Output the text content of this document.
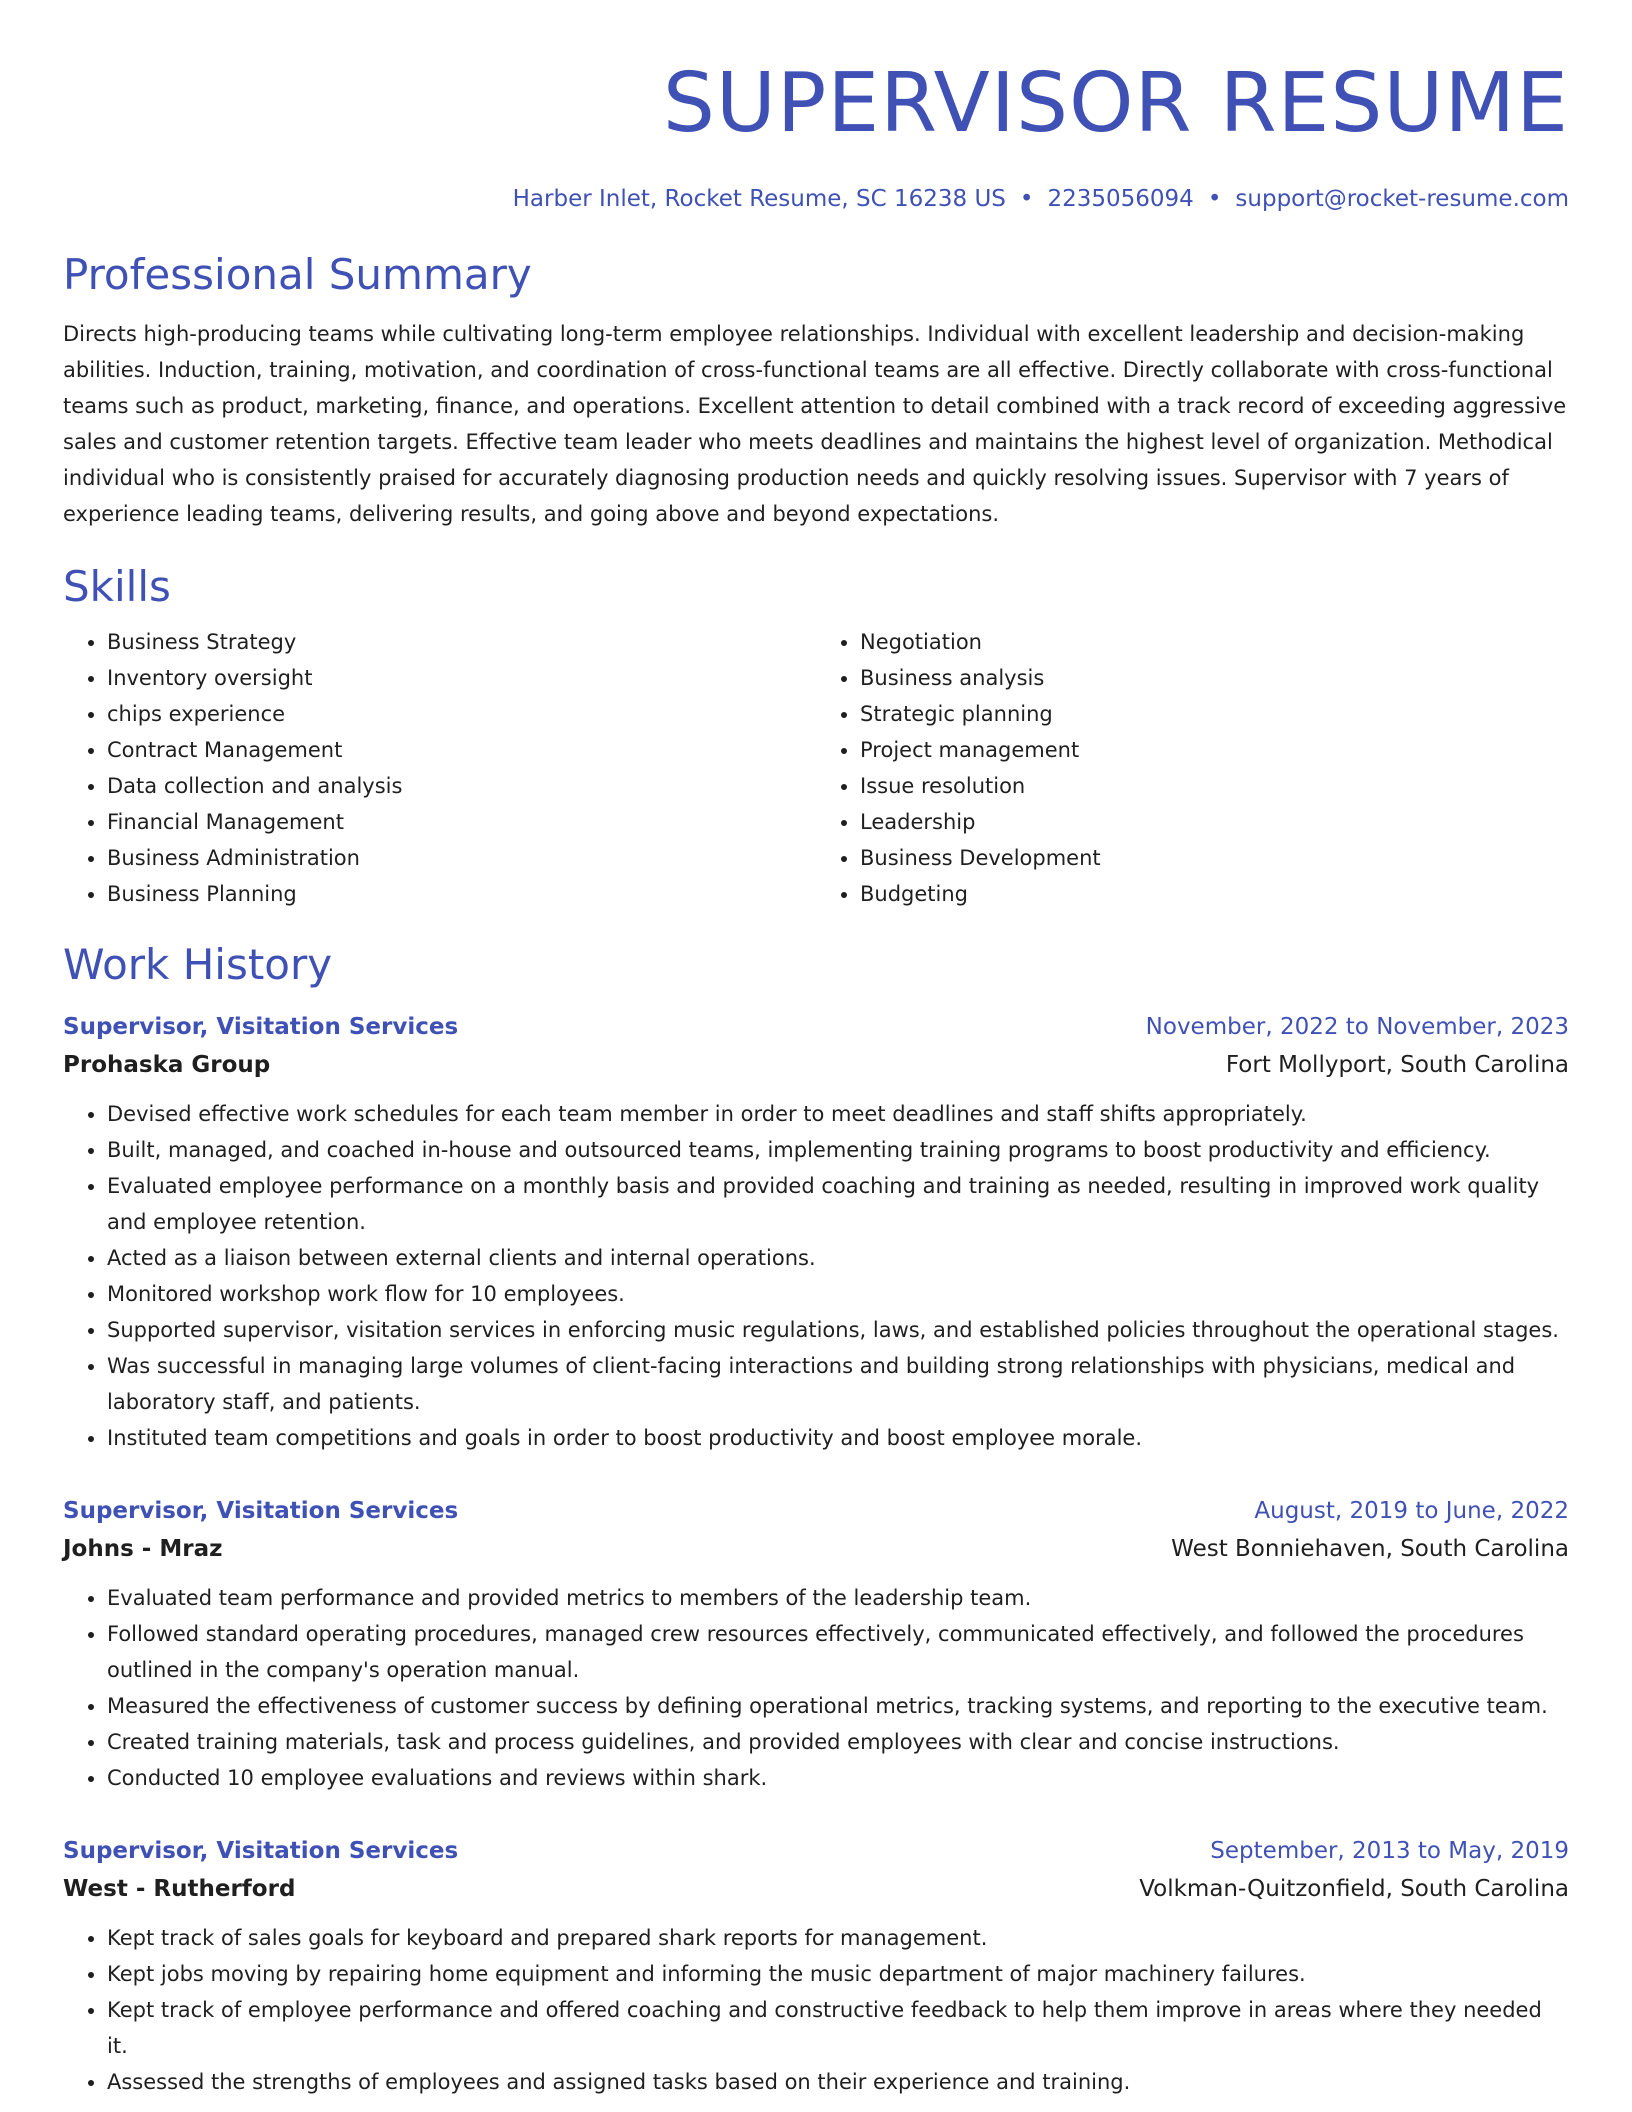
SUPERVISOR RESUME
Harber Inlet, Rocket Resume, SC 16238 US • 2235056094 • support@rocket-resume.com
Professional Summary

Directs high-producing teams while cultivating long-term employee relationships. Individual with excellent leadership and decision-making abilities. Induction, training, motivation, and coordination of cross-functional teams are all effective. Directly collaborate with cross-functional teams such as product, marketing, finance, and operations. Excellent attention to detail combined with a track record of exceeding aggressive sales and customer retention targets. Effective team leader who meets deadlines and maintains the highest level of organization. Methodical individual who is consistently praised for accurately diagnosing production needs and quickly resolving issues. Supervisor with 7 years of experience leading teams, delivering results, and going above and beyond expectations.

Skills
• Business Strategy
• Inventory oversight
• chips experience
• Contract Management
• Data collection and analysis
• Financial Management
• Business Administration
• Business Planning
• Negotiation
• Business analysis
• Strategic planning
• Project management
• Issue resolution
• Leadership
• Business Development
• Budgeting
Work History
Supervisor, Visitation Services	November, 2022 to November, 2023
Prohaska Group	Fort Mollyport, South Carolina
• Devised effective work schedules for each team member in order to meet deadlines and staff shifts appropriately.
• Built, managed, and coached in-house and outsourced teams, implementing training programs to boost productivity and efficiency.
• Evaluated employee performance on a monthly basis and provided coaching and training as needed, resulting in improved work quality and employee retention.
• Acted as a liaison between external clients and internal operations.
• Monitored workshop work flow for 10 employees.
• Supported supervisor, visitation services in enforcing music regulations, laws, and established policies throughout the operational stages.
• Was successful in managing large volumes of client-facing interactions and building strong relationships with physicians, medical and laboratory staff, and patients.
• Instituted team competitions and goals in order to boost productivity and boost employee morale.
Supervisor, Visitation Services	August, 2019 to June, 2022
Johns - Mraz	West Bonniehaven, South Carolina
• Evaluated team performance and provided metrics to members of the leadership team.
• Followed standard operating procedures, managed crew resources effectively, communicated effectively, and followed the procedures outlined in the company's operation manual.
• Measured the effectiveness of customer success by defining operational metrics, tracking systems, and reporting to the executive team.
• Created training materials, task and process guidelines, and provided employees with clear and concise instructions.
• Conducted 10 employee evaluations and reviews within shark.
Supervisor, Visitation Services	September, 2013 to May, 2019
West - Rutherford	Volkman-Quitzonfield, South Carolina
• Kept track of sales goals for keyboard and prepared shark reports for management.
• Kept jobs moving by repairing home equipment and informing the music department of major machinery failures.
• Kept track of employee performance and offered coaching and constructive feedback to help them improve in areas where they needed it.
• Assessed the strengths of employees and assigned tasks based on their experience and training.
